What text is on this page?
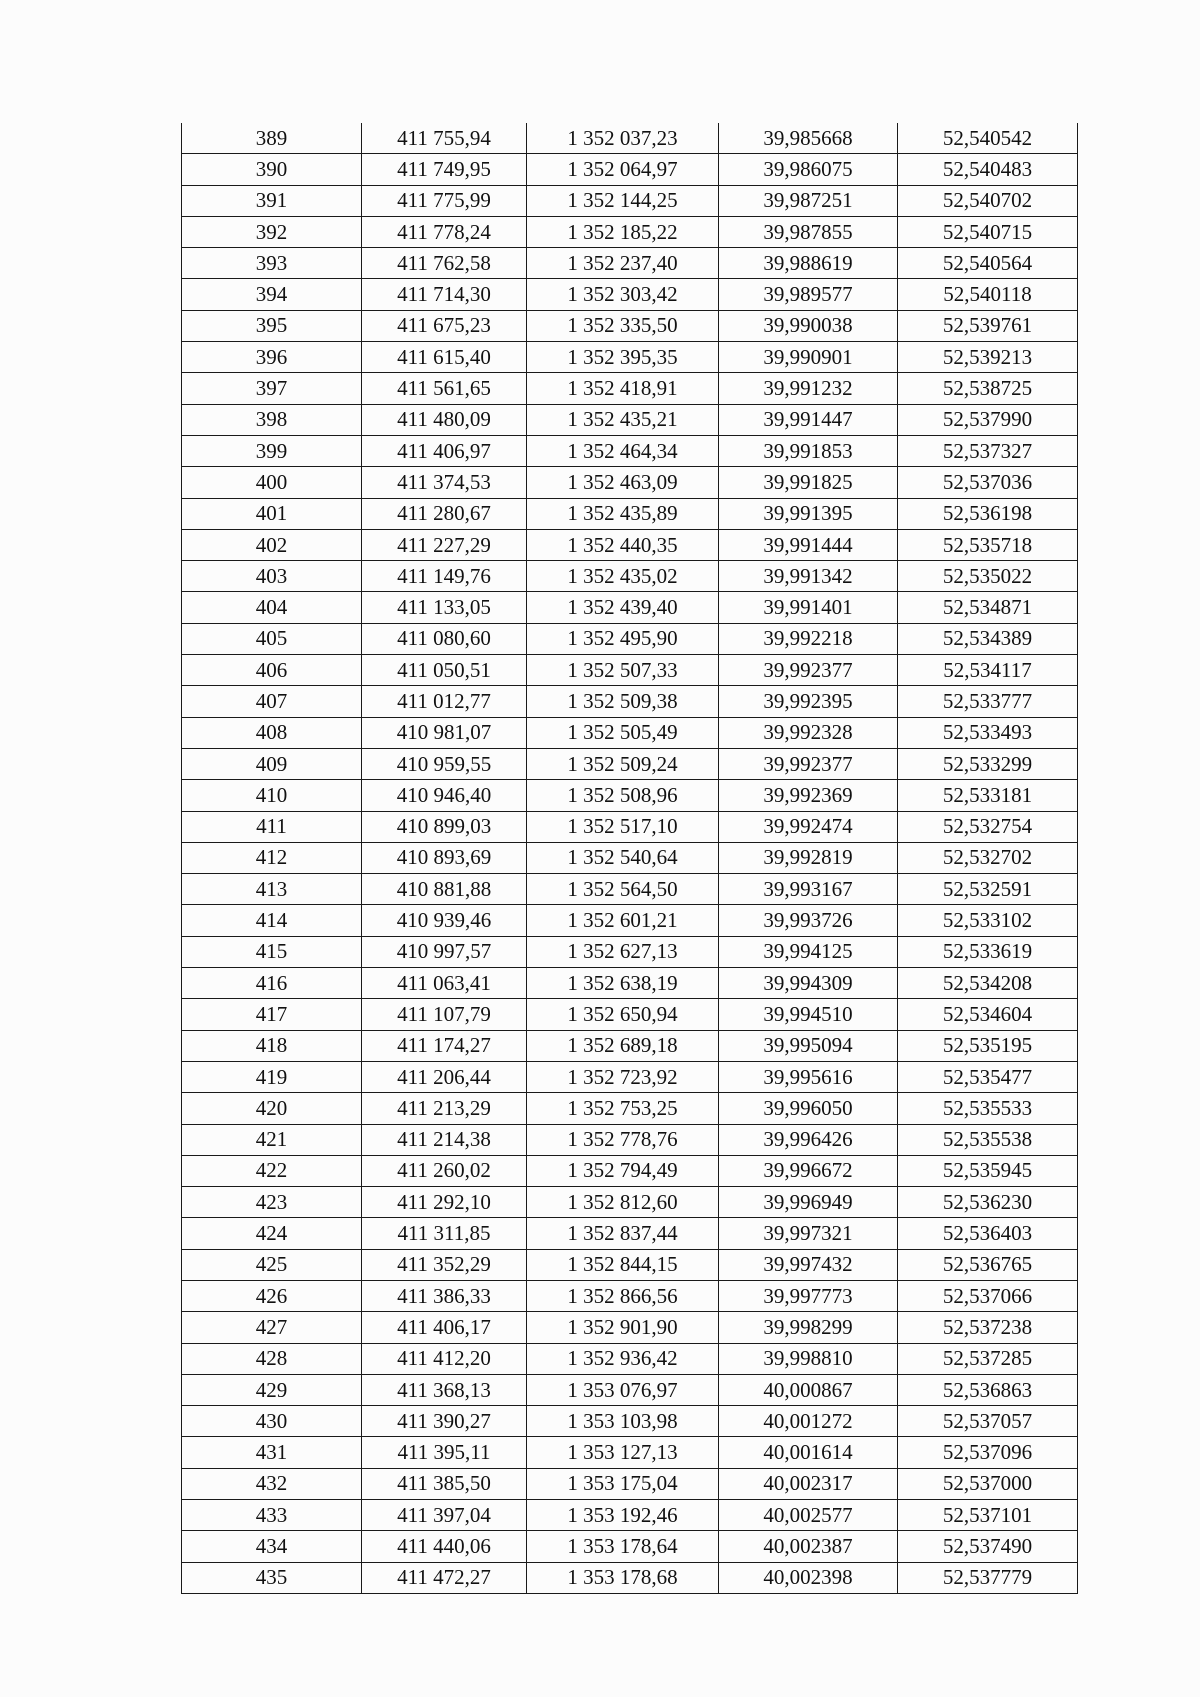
389	411 755,94	1 352 037,23	39,985668	52,540542
390	411 749,95	1 352 064,97	39,986075	52,540483
391	411 775,99	1 352 144,25	39,987251	52,540702
392	411 778,24	1 352 185,22	39,987855	52,540715
393	411 762,58	1 352 237,40	39,988619	52,540564
394	411 714,30	1 352 303,42	39,989577	52,540118
395	411 675,23	1 352 335,50	39,990038	52,539761
396	411 615,40	1 352 395,35	39,990901	52,539213
397	411 561,65	1 352 418,91	39,991232	52,538725
398	411 480,09	1 352 435,21	39,991447	52,537990
399	411 406,97	1 352 464,34	39,991853	52,537327
400	411 374,53	1 352 463,09	39,991825	52,537036
401	411 280,67	1 352 435,89	39,991395	52,536198
402	411 227,29	1 352 440,35	39,991444	52,535718
403	411 149,76	1 352 435,02	39,991342	52,535022
404	411 133,05	1 352 439,40	39,991401	52,534871
405	411 080,60	1 352 495,90	39,992218	52,534389
406	411 050,51	1 352 507,33	39,992377	52,534117
407	411 012,77	1 352 509,38	39,992395	52,533777
408	410 981,07	1 352 505,49	39,992328	52,533493
409	410 959,55	1 352 509,24	39,992377	52,533299
410	410 946,40	1 352 508,96	39,992369	52,533181
411	410 899,03	1 352 517,10	39,992474	52,532754
412	410 893,69	1 352 540,64	39,992819	52,532702
413	410 881,88	1 352 564,50	39,993167	52,532591
414	410 939,46	1 352 601,21	39,993726	52,533102
415	410 997,57	1 352 627,13	39,994125	52,533619
416	411 063,41	1 352 638,19	39,994309	52,534208
417	411 107,79	1 352 650,94	39,994510	52,534604
418	411 174,27	1 352 689,18	39,995094	52,535195
419	411 206,44	1 352 723,92	39,995616	52,535477
420	411 213,29	1 352 753,25	39,996050	52,535533
421	411 214,38	1 352 778,76	39,996426	52,535538
422	411 260,02	1 352 794,49	39,996672	52,535945
423	411 292,10	1 352 812,60	39,996949	52,536230
424	411 311,85	1 352 837,44	39,997321	52,536403
425	411 352,29	1 352 844,15	39,997432	52,536765
426	411 386,33	1 352 866,56	39,997773	52,537066
427	411 406,17	1 352 901,90	39,998299	52,537238
428	411 412,20	1 352 936,42	39,998810	52,537285
429	411 368,13	1 353 076,97	40,000867	52,536863
430	411 390,27	1 353 103,98	40,001272	52,537057
431	411 395,11	1 353 127,13	40,001614	52,537096
432	411 385,50	1 353 175,04	40,002317	52,537000
433	411 397,04	1 353 192,46	40,002577	52,537101
434	411 440,06	1 353 178,64	40,002387	52,537490
435	411 472,27	1 353 178,68	40,002398	52,537779
